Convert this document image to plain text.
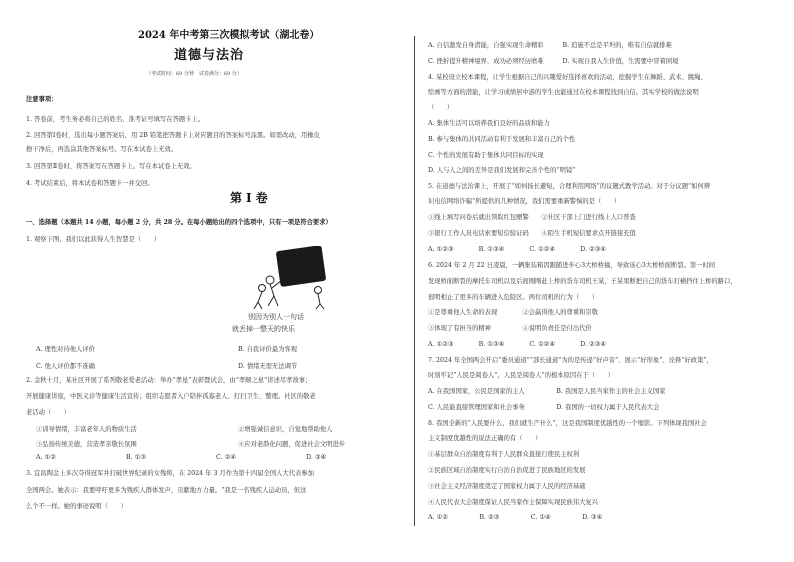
2024 年中考第三次模拟考试（湖北卷）
道德与法治
（考试时间：60 分钟　试卷满分：60 分）
注意事项：
1. 答卷前，考生务必将自己的姓名、准考证号填写在答题卡上。
2. 回答第Ⅰ卷时，选出每小题答案后，用 2B 铅笔把答题卡上对应题目的答案标号涂黑。如需改动，用橡皮
擦干净后，再选涂其他答案标号。写在本试卷上无效。
3. 回答第Ⅱ卷时，将答案写在答题卡上。写在本试卷上无效。
4. 考试结束后，将本试卷和答题卡一并交回。
第Ⅰ卷
一、选择题（本题共 14 小题，每小题 2 分，共 28 分。在每小题给出的四个选项中，只有一项是符合要求）
1. 观察下图，我们以此获得人生智慧是（　　）
别因为别人一句话
就丢掉一整天的快乐
A. 理性对待他人评价	B. 自我评价最为客观
C. 他人评价都不准确	D. 情绪无需无法调节
2. 金秋十月，某社区开展了系列敬老爱老活动：举办“孝星”表彰暨试会，由“孝顺之星”讲述尽孝故事；
开展健康讲座，中医义诊等健康生活宣传；组织志愿者入户陪伴孤寡老人、打扫卫生、整理。社区的敬老
老活动（　　）
①训导情绪，丰富老年人的物质生活	②增强诚信意识，自觉地帮助他人
③弘扬传统美德，营造孝亲敬长氛围	④应对老龄化问题，促进社会文明进步
A. ①②	B. ①③	C. ②④	D. ③④
3. 宜昌陶金上多次夺得冠军并打破世界纪录的女残将，在 2024 年 3 月作为第十四届全国人大代表参加
全国两会。她表示：我要呼吁更多为残疾人群体发声，贡献地方力量。“我是一名残疾人运动员，但这
么个不一样。她的事迹说明（　　）
A. 自信激发自身潜能，自强实现生命精彩　　　B. 追施不总是平坦的，唯有自信就排难
C. 挫折提升精神境界，成功必须经历磨难　　　D. 实现自我入生价值，生需要中冒着困境
4. 某校设立校本课程，让学生根据自己的兴趣爱好选择喜欢的活动，挖掘学生在舞蹈、武术、跳绳、
绘画等方面的潜能，让学习成绩居中游的学生也能通过在校本课程找到自信。其实学校的做法说明
（　　）
A. 集体生活可以培养我们良好的品质和能力
B. 参与集体的共同活动有利于发展和丰富自己的个性
C. 个性的发展有助于集体共同目标的实现
D. 人与人之间的差异是我们发展和完善个性的“明镜”
5. 在道德与法治课上，开展了“如何扬长避短，合理利用网络”的议题式教学活动。对于分议题“如何辨
识电信网络诈骗”所提供的几种情况，我们需要重新警惕的是（　　）
①线上填写问卷后就出领取红包赠警　　②社区干部上门进行线上人口普查
③银行工作人员电话索要短信验证码　　④陌生手机短信要求点开链接充值
A. ①②③　　　　B. ①③④　　　　C. ①②④　　　　D. ②③④
6. 2024 年 2 月 22 日凌晨，一辆集装箱因跟随进步心3大桥桥撞，导致该心3大桥桥面断裂。第一时间
发现桥面断裂的摩托车司机以及后面刚刚赶上桥的货车司机王某，王某果断把自己的货车打横挡住上桥的路口，
很明相止了更多的车辆进入危险区。两位司机的行为（　　）
①是尊重他人生命的表现　　　　②会赢得他人的尊重和崇敬
③体现了有担当的精神　　　　　④说明负责任是付出代价
A. ①②③　　　　B. ①③④　　　　C. ①②④　　　　D. ②③④
7. 2024 年全国两会开启“委员通道”“部长通道”为的是传递“好声音”、展示“好形象”、诠释“好政策”，
时刻牢记“人民是阅卷人”，人民是阅卷人”的根本原因在于（　　）
A. 在我国国家，公民是国家的主人　　　　　B. 我国是人民当家作主的社会主义国家
C. 人民能直接管理国家和社会事务　　　　　D. 我国的一切权力属于人民代表大会
8. 我国全新的“人民要什么，我们就生产什么”，这是我国制度优越性的一个缩影。下列体现我国社会
主义制度优越性的说法正确的有（　　）
①基层群众自治制度有利于人民群众直接行使民主权利
②民族区域自治制度实行自治自治促进了民族地区的发展
③社会主义经济制度奠定了国家权力属于人民的经济基础
④人民代表大会制度保证人民当家作主保障实现民族伟大复兴
A. ①②　　　　　B. ②③　　　　　C. ①④　　　　　D. ③④
